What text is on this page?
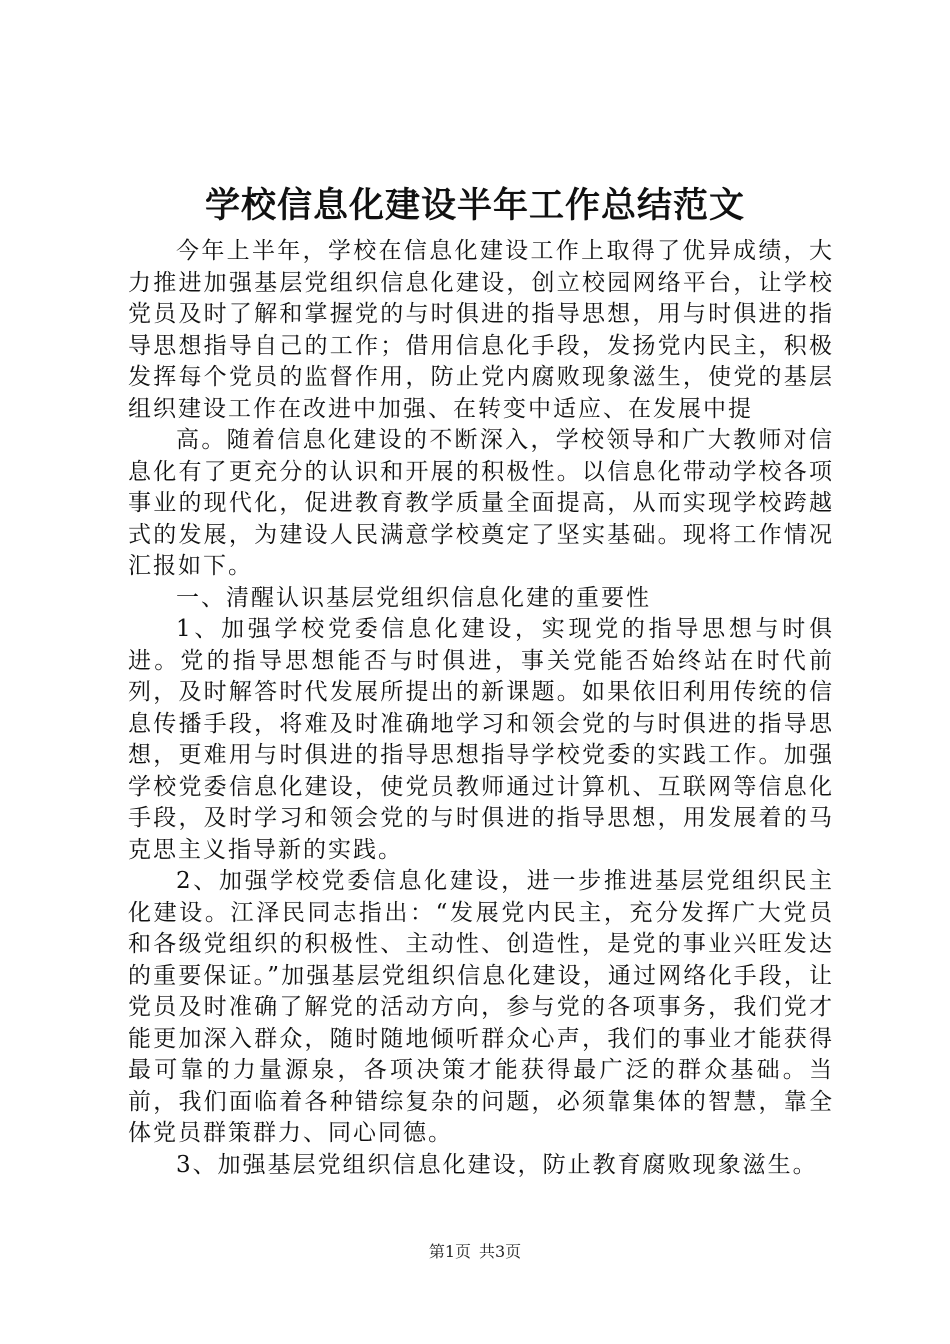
学校信息化建设半年工作总结范文

今年上半年，学校在信息化建设工作上取得了优异成绩，大力推进加强基层党组织信息化建设，创立校园网络平台，让学校党员及时了解和掌握党的与时俱进的指导思想，用与时俱进的指导思想指导自己的工作；借用信息化手段，发扬党内民主，积极发挥每个党员的监督作用，防止党内腐败现象滋生，使党的基层组织建设工作在改进中加强、在转变中适应、在发展中提

高。随着信息化建设的不断深入，学校领导和广大教师对信息化有了更充分的认识和开展的积极性。以信息化带动学校各项事业的现代化，促进教育教学质量全面提高，从而实现学校跨越式的发展，为建设人民满意学校奠定了坚实基础。现将工作情况汇报如下。

一、清醒认识基层党组织信息化建的重要性

1、加强学校党委信息化建设，实现党的指导思想与时俱进。党的指导思想能否与时俱进，事关党能否始终站在时代前列，及时解答时代发展所提出的新课题。如果依旧利用传统的信息传播手段，将难及时准确地学习和领会党的与时俱进的指导思想，更难用与时俱进的指导思想指导学校党委的实践工作。加强学校党委信息化建设，使党员教师通过计算机、互联网等信息化手段，及时学习和领会党的与时俱进的指导思想，用发展着的马克思主义指导新的实践。

2、加强学校党委信息化建设，进一步推进基层党组织民主化建设。江泽民同志指出：“发展党内民主，充分发挥广大党员和各级党组织的积极性、主动性、创造性，是党的事业兴旺发达的重要保证。”加强基层党组织信息化建设，通过网络化手段，让党员及时准确了解党的活动方向，参与党的各项事务，我们党才能更加深入群众，随时随地倾听群众心声，我们的事业才能获得最可靠的力量源泉，各项决策才能获得最广泛的群众基础。当前，我们面临着各种错综复杂的问题，必须靠集体的智慧，靠全体党员群策群力、同心同德。

3、加强基层党组织信息化建设，防止教育腐败现象滋生。

第1页 共3页
